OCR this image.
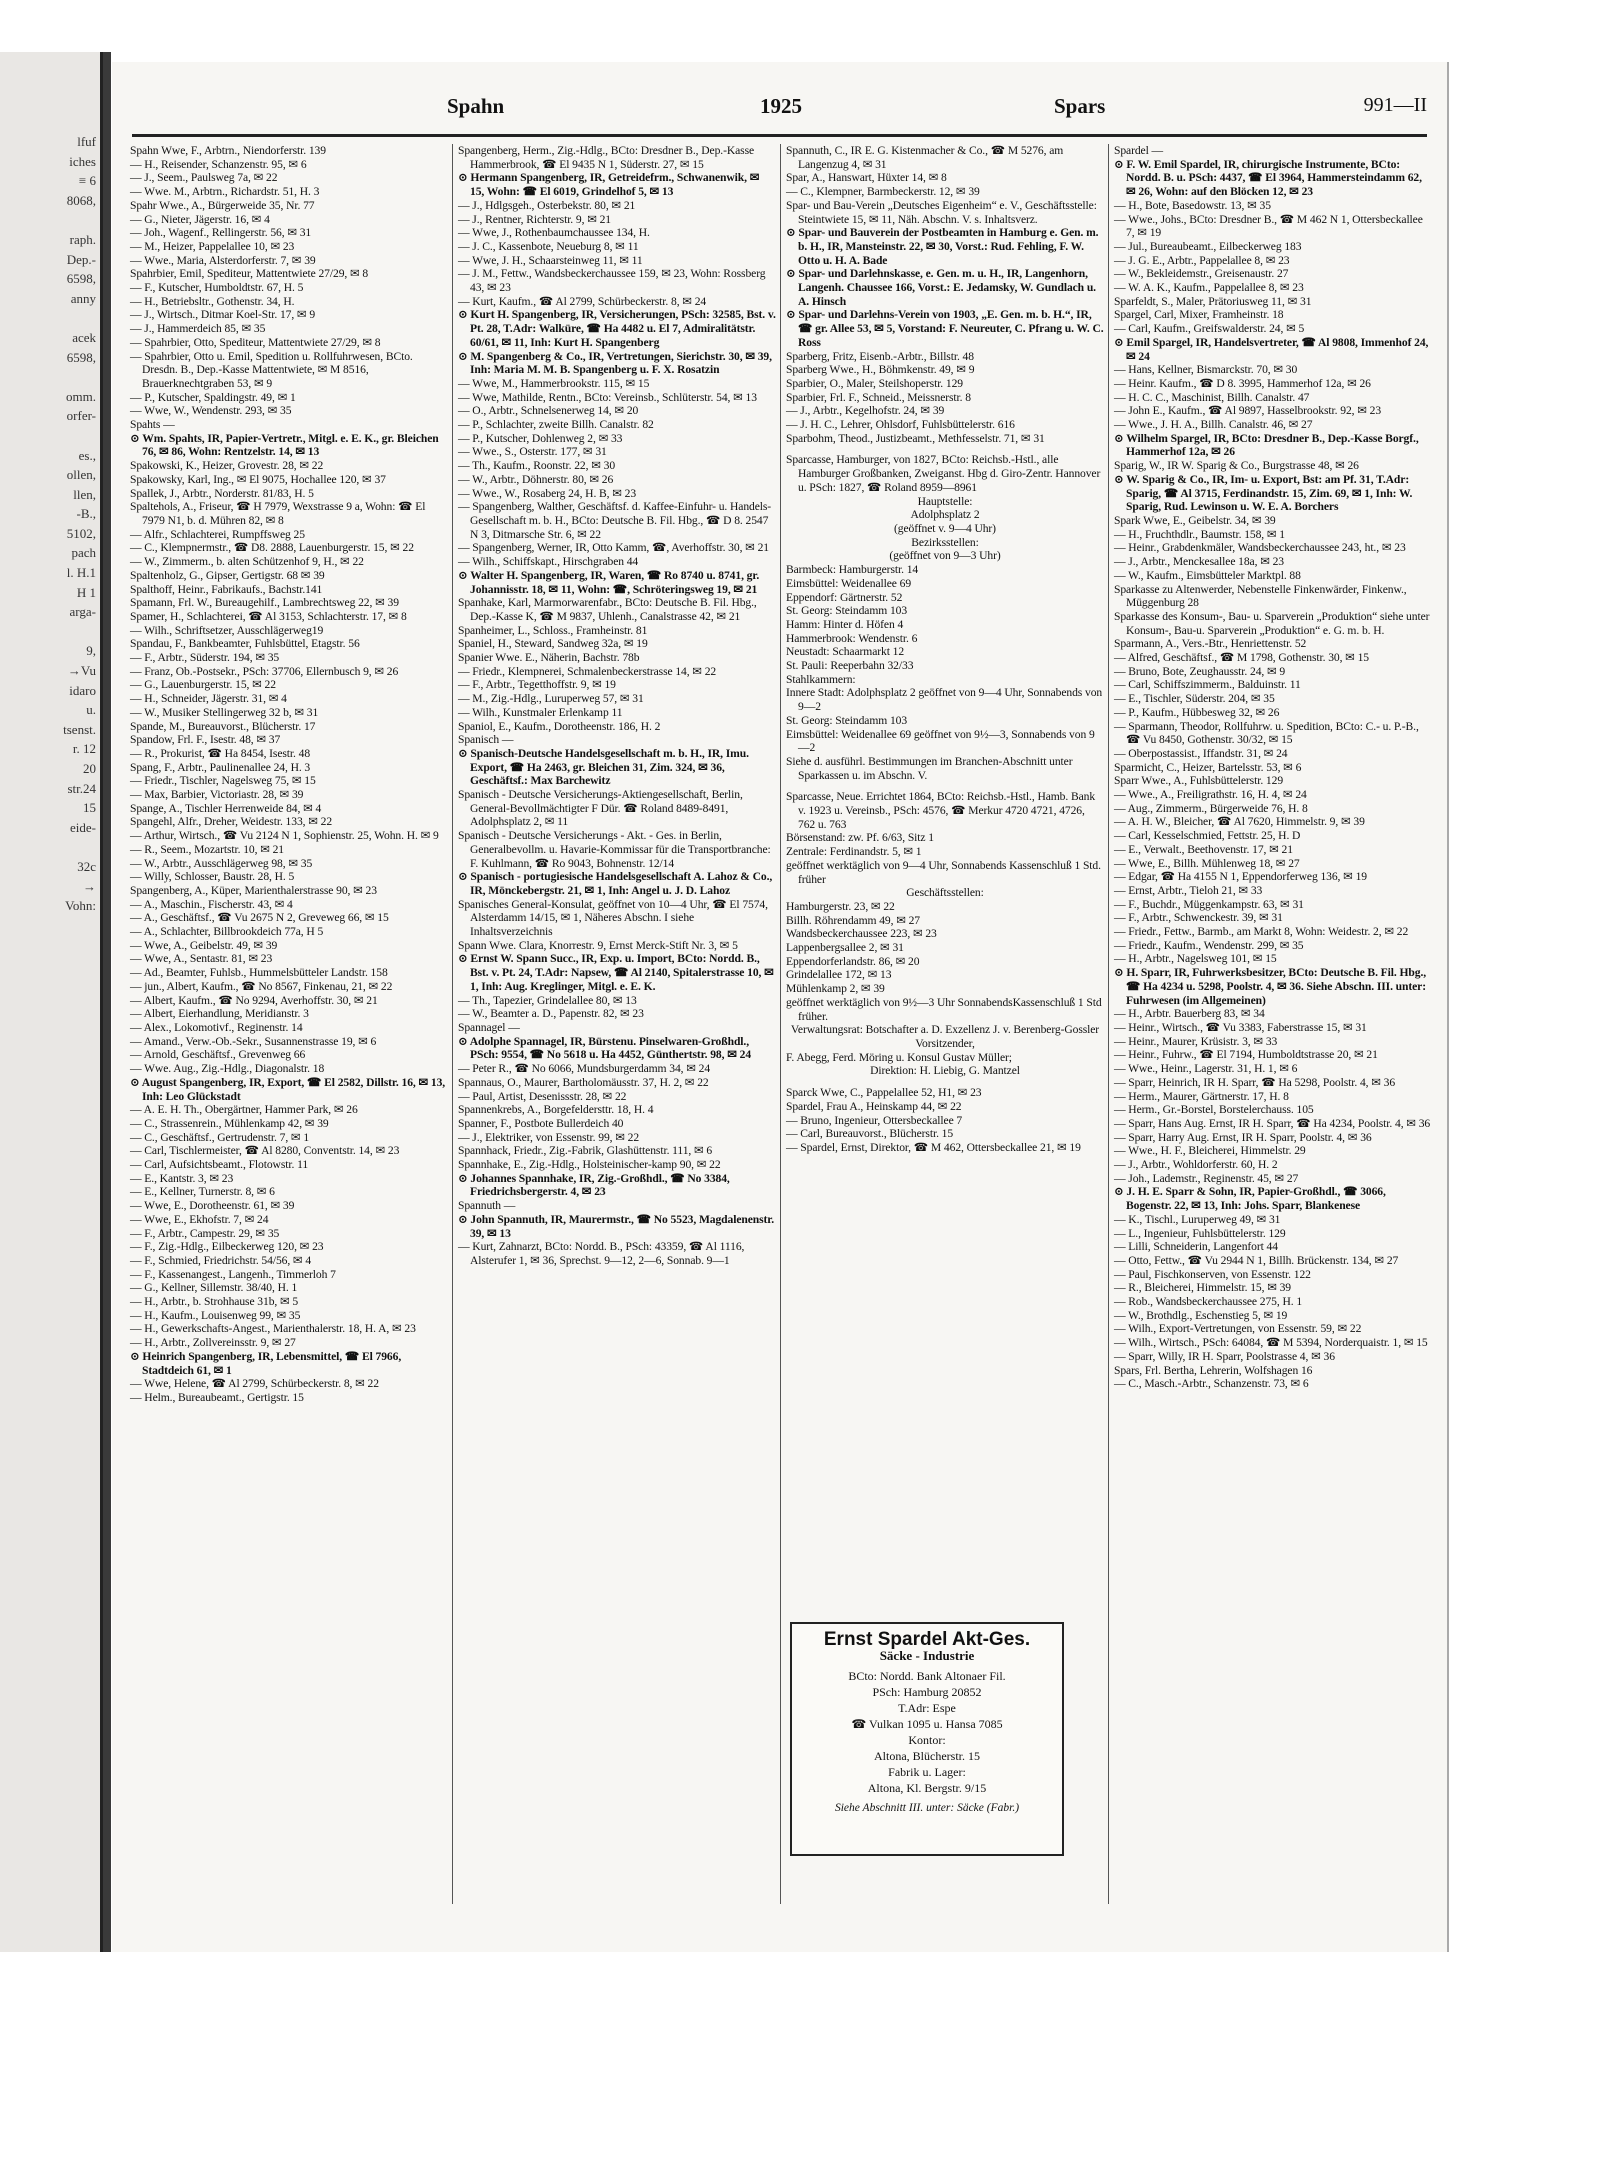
lfuf
iches
≡ 6
8068,
raph.
Dep.-
6598,
anny
acek
6598,
omm.
orfer-
es.,
ollen,
llen,
-B.,
5102,
pach
l. H.1
H 1
arga-
9,
→Vu
idaro
u.
tsenst.
r. 12
20
str.24
15
eide-
32c
→
Vohn:
Spahn	1925	Spars	991—II
Spahn Wwe, F., Arbtrn., Niendorferstr. 139
— H., Reisender, Schanzenstr. 95, ✉ 6
— J., Seem., Paulsweg 7a, ✉ 22
— Wwe. M., Arbtrn., Richardstr. 51, H. 3
Spahr Wwe., A., Bürgerweide 35, Nr. 77
— G., Nieter, Jägerstr. 16, ✉ 4
— Joh., Wagenf., Rellingerstr. 56, ✉ 31
— M., Heizer, Pappelallee 10, ✉ 23
— Wwe., Maria, Alsterdorferstr. 7, ✉ 39
Spahrbier, Emil, Spediteur, Mattentwiete 27/29, ✉ 8
— F., Kutscher, Humboldtstr. 67, H. 5
— H., Betriebsltr., Gothenstr. 34, H.
— J., Wirtsch., Ditmar Koel-Str. 17, ✉ 9
— J., Hammerdeich 85, ✉ 35
— Spahrbier, Otto, Spediteur, Mattentwiete 27/29, ✉ 8
— Spahrbier, Otto u. Emil, Spedition u. Rollfuhrwesen, BCto. Dresdn. B., Dep.-Kasse Mattentwiete, ✉ M 8516, Brauerknechtgraben 53, ✉ 9
— P., Kutscher, Spaldingstr. 49, ✉ 1
— Wwe, W., Wendenstr. 293, ✉ 35
Spahts —
⊙ Wm. Spahts, IR, Papier-Vertretr., Mitgl. e. E. K., gr. Bleichen 76, ✉ 86, Wohn: Rentzelstr. 14, ✉ 13
Spakowski, K., Heizer, Grovestr. 28, ✉ 22
Spakowsky, Karl, Ing., ✉ El 9075, Hochallee 120, ✉ 37
Spallek, J., Arbtr., Norderstr. 81/83, H. 5
Spaltehols, A., Friseur, ☎ H 7979, Wexstrasse 9 a, Wohn: ☎ El 7979 N1, b. d. Mühren 82, ✉ 8
— Alfr., Schlachterei, Rumpffsweg 25
— C., Klempnermstr., ☎ D8. 2888, Lauenburgerstr. 15, ✉ 22
— W., Zimmerm., b. alten Schützenhof 9, H., ✉ 22
Spaltenholz, G., Gipser, Gertigstr. 68 ✉ 39
Spalthoff, Heinr., Fabrikaufs., Bachstr.141
Spamann, Frl. W., Bureaugehilf., Lambrechtsweg 22, ✉ 39
Spamer, H., Schlachterei, ☎ Al 3153, Schlachterstr. 17, ✉ 8
— Wilh., Schriftsetzer, Ausschlägerweg19
Spandau, F., Bankbeamter, Fuhlsbüttel, Etagstr. 56
— F., Arbtr., Süderstr. 194, ✉ 35
— Franz, Ob.-Postsekr., PSch: 37706, Ellernbusch 9, ✉ 26
— G., Lauenburgerstr. 15, ✉ 22
— H., Schneider, Jägerstr. 31, ✉ 4
— W., Musiker Stellingerweg 32 b, ✉ 31
Spande, M., Bureauvorst., Blücherstr. 17
Spandow, Frl. F., Isestr. 48, ✉ 37
— R., Prokurist, ☎ Ha 8454, Isestr. 48
Spang, F., Arbtr., Paulinenallee 24, H. 3
— Friedr., Tischler, Nagelsweg 75, ✉ 15
— Max, Barbier, Victoriastr. 28, ✉ 39
Spange, A., Tischler Herrenweide 84, ✉ 4
Spangehl, Alfr., Dreher, Weidestr. 133, ✉ 22
— Arthur, Wirtsch., ☎ Vu 2124 N 1, Sophienstr. 25, Wohn. H. ✉ 9
— R., Seem., Mozartstr. 10, ✉ 21
— W., Arbtr., Ausschlägerweg 98, ✉ 35
— Willy, Schlosser, Baustr. 28, H. 5
Spangenberg, A., Küper, Marienthalerstrasse 90, ✉ 23
— A., Maschin., Fischerstr. 43, ✉ 4
— A., Geschäftsf., ☎ Vu 2675 N 2, Greveweg 66, ✉ 15
— A., Schlachter, Billbrookdeich 77a, H 5
— Wwe, A., Geibelstr. 49, ✉ 39
— Wwe, A., Sentastr. 81, ✉ 23
— Ad., Beamter, Fuhlsb., Hummelsbütteler Landstr. 158
— jun., Albert, Kaufm., ☎ No 8567, Finkenau, 21, ✉ 22
— Albert, Kaufm., ☎ No 9294, Averhoffstr. 30, ✉ 21
— Albert, Eierhandlung, Meridianstr. 3
— Alex., Lokomotivf., Reginenstr. 14
— Amand., Verw.-Ob.-Sekr., Susannenstrasse 19, ✉ 6
— Arnold, Geschäftsf., Grevenweg 66
— Wwe. Aug., Zig.-Hdlg., Diagonalstr. 18
⊙ August Spangenberg, IR, Export, ☎ El 2582, Dillstr. 16, ✉ 13, Inh: Leo Glückstadt
— A. E. H. Th., Obergärtner, Hammer Park, ✉ 26
— C., Strassenrein., Mühlenkamp 42, ✉ 39
— C., Geschäftsf., Gertrudenstr. 7, ✉ 1
— Carl, Tischlermeister, ☎ Al 8280, Conventstr. 14, ✉ 23
— Carl, Aufsichtsbeamt., Flotowstr. 11
— E., Kantstr. 3, ✉ 23
— E., Kellner, Turnerstr. 8, ✉ 6
— Wwe, E., Dorotheenstr. 61, ✉ 39
— Wwe, E., Ekhofstr. 7, ✉ 24
— F., Arbtr., Campestr. 29, ✉ 35
— F., Zig.-Hdlg., Eilbeckerweg 120, ✉ 23
— F., Schmied, Friedrichstr. 54/56, ✉ 4
— F., Kassenangest., Langenh., Timmerloh 7
— G., Kellner, Sillemstr. 38/40, H. 1
— H., Arbtr., b. Strohhause 31b, ✉ 5
— H., Kaufm., Louisenweg 99, ✉ 35
— H., Gewerkschafts-Angest., Marienthalerstr. 18, H. A, ✉ 23
— H., Arbtr., Zollvereinsstr. 9, ✉ 27
⊙ Heinrich Spangenberg, IR, Lebensmittel, ☎ El 7966, Stadtdeich 61, ✉ 1
— Wwe, Helene, ☎ Al 2799, Schürbeckerstr. 8, ✉ 22
— Helm., Bureaubeamt., Gertigstr. 15
Spangenberg, Herm., Zig.-Hdlg., BCto: Dresdner B., Dep.-Kasse Hammerbrook, ☎ El 9435 N 1, Süderstr. 27, ✉ 15
⊙ Hermann Spangenberg, IR, Getreidefrm., Schwanenwik, ✉ 15, Wohn: ☎ El 6019, Grindelhof 5, ✉ 13
— J., Hdlgsgeh., Osterbekstr. 80, ✉ 21
— J., Rentner, Richterstr. 9, ✉ 21
— Wwe, J., Rothenbaumchaussee 134, H.
— J. C., Kassenbote, Neueburg 8, ✉ 11
— Wwe, J. H., Schaarsteinweg 11, ✉ 11
— J. M., Fettw., Wandsbeckerchaussee 159, ✉ 23, Wohn: Rossberg 43, ✉ 23
— Kurt, Kaufm., ☎ Al 2799, Schürbeckerstr. 8, ✉ 24
⊙ Kurt H. Spangenberg, IR, Versicherungen, PSch: 32585, Bst. v. Pt. 28, T.Adr: Walküre, ☎ Ha 4482 u. El 7, Admiralitätstr. 60/61, ✉ 11, Inh: Kurt H. Spangenberg
⊙ M. Spangenberg & Co., IR, Vertretungen, Sierichstr. 30, ✉ 39, Inh: Maria M. M. B. Spangenberg u. F. X. Rosatzin
— Wwe, M., Hammerbrookstr. 115, ✉ 15
— Wwe, Mathilde, Rentn., BCto: Vereinsb., Schlüterstr. 54, ✉ 13
— O., Arbtr., Schnelsenerweg 14, ✉ 20
— P., Schlachter, zweite Billh. Canalstr. 82
— P., Kutscher, Dohlenweg 2, ✉ 33
— Wwe., S., Osterstr. 177, ✉ 31
— Th., Kaufm., Roonstr. 22, ✉ 30
— W., Arbtr., Döhnerstr. 80, ✉ 26
— Wwe., W., Rosaberg 24, H. B, ✉ 23
— Spangenberg, Walther, Geschäftsf. d. Kaffee-Einfuhr- u. Handels-Gesellschaft m. b. H., BCto: Deutsche B. Fil. Hbg., ☎ D 8. 2547 N 3, Ditmarsche Str. 6, ✉ 22
— Spangenberg, Werner, IR, Otto Kamm, ☎, Averhoffstr. 30, ✉ 21
— Wilh., Schiffskapt., Hirschgraben 44
⊙ Walter H. Spangenberg, IR, Waren, ☎ Ro 8740 u. 8741, gr. Johannisstr. 18, ✉ 11, Wohn: ☎, Schröteringsweg 19, ✉ 21
Spanhake, Karl, Marmorwarenfabr., BCto: Deutsche B. Fil. Hbg., Dep.-Kasse K, ☎ M 9837, Uhlenh., Canalstrasse 42, ✉ 21
Spanheimer, L., Schloss., Framheinstr. 81
Spaniel, H., Steward, Sandweg 32a, ✉ 19
Spanier Wwe. E., Näherin, Bachstr. 78b
— Friedr., Klempnerei, Schmalenbeckerstrasse 14, ✉ 22
— F., Arbtr., Tegetthoffstr. 9, ✉ 19
— M., Zig.-Hdlg., Luruperweg 57, ✉ 31
— Wilh., Kunstmaler Erlenkamp 11
Spaniol, E., Kaufm., Dorotheenstr. 186, H. 2
Spanisch —
⊙ Spanisch-Deutsche Handelsgesellschaft m. b. H., IR, Imu. Export, ☎ Ha 2463, gr. Bleichen 31, Zim. 324, ✉ 36, Geschäftsf.: Max Barchewitz
Spanisch - Deutsche Versicherungs-Aktiengesellschaft, Berlin, General-Bevollmächtigter F Dür. ☎ Roland 8489-8491, Adolphsplatz 2, ✉ 11
Spanisch - Deutsche Versicherungs - Akt. - Ges. in Berlin, Generalbevollm. u. Havarie-Kommissar für die Transportbranche: F. Kuhlmann, ☎ Ro 9043, Bohnenstr. 12/14
⊙ Spanisch - portugiesische Handelsgesellschaft A. Lahoz & Co., IR, Mönckebergstr. 21, ✉ 1, Inh: Angel u. J. D. Lahoz
Spanisches General-Konsulat, geöffnet von 10—4 Uhr, ☎ El 7574, Alsterdamm 14/15, ✉ 1, Näheres Abschn. I siehe Inhaltsverzeichnis
Spann Wwe. Clara, Knorrestr. 9, Ernst Merck-Stift Nr. 3, ✉ 5
⊙ Ernst W. Spann Succ., IR, Exp. u. Import, BCto: Nordd. B., Bst. v. Pt. 24, T.Adr: Napsew, ☎ Al 2140, Spitalerstrasse 10, ✉ 1, Inh: Aug. Kreglinger, Mitgl. e. E. K.
— Th., Tapezier, Grindelallee 80, ✉ 13
— W., Beamter a. D., Papenstr. 82, ✉ 23
Spannagel —
⊙ Adolphe Spannagel, IR, Bürstenu. Pinselwaren-Großhdl., PSch: 9554, ☎ No 5618 u. Ha 4452, Günthertstr. 98, ✉ 24
— Peter R., ☎ No 6066, Mundsburgerdamm 34, ✉ 24
Spannaus, O., Maurer, Bartholomäusstr. 37, H. 2, ✉ 22
— Paul, Artist, Desenissstr. 28, ✉ 22
Spannenkrebs, A., Borgefeldersttr. 18, H. 4
Spanner, F., Postbote Bullerdeich 40
— J., Elektriker, von Essenstr. 99, ✉ 22
Spannhack, Friedr., Zig.-Fabrik, Glashüttenstr. 111, ✉ 6
Spannhake, E., Zig.-Hdlg., Holsteinischer-kamp 90, ✉ 22
⊙ Johannes Spannhake, IR, Zig.-Großhdl., ☎ No 3384, Friedrichsbergerstr. 4, ✉ 23
Spannuth —
⊙ John Spannuth, IR, Maurermstr., ☎ No 5523, Magdalenenstr. 39, ✉ 13
— Kurt, Zahnarzt, BCto: Nordd. B., PSch: 43359, ☎ Al 1116, Alsterufer 1, ✉ 36, Sprechst. 9—12, 2—6, Sonnab. 9—1
Spannuth, C., IR E. G. Kistenmacher & Co., ☎ M 5276, am Langenzug 4, ✉ 31
Spar, A., Hanswart, Hüxter 14, ✉ 8
— C., Klempner, Barmbeckerstr. 12, ✉ 39
Spar- und Bau-Verein „Deutsches Eigenheim“ e. V., Geschäftsstelle: Steintwiete 15, ✉ 11, Näh. Abschn. V. s. Inhaltsverz.
⊙ Spar- und Bauverein der Postbeamten in Hamburg e. Gen. m. b. H., IR, Mansteinstr. 22, ✉ 30, Vorst.: Rud. Fehling, F. W. Otto u. H. A. Bade
⊙ Spar- und Darlehnskasse, e. Gen. m. u. H., IR, Langenhorn, Langenh. Chaussee 166, Vorst.: E. Jedamsky, W. Gundlach u. A. Hinsch
⊙ Spar- und Darlehns-Verein von 1903, „E. Gen. m. b. H.“, IR, ☎ gr. Allee 53, ✉ 5, Vorstand: F. Neureuter, C. Pfrang u. W. C. Ross
Sparberg, Fritz, Eisenb.-Arbtr., Billstr. 48
Sparberg Wwe., H., Böhmkenstr. 49, ✉ 9
Sparbier, O., Maler, Steilshoperstr. 129
Sparbier, Frl. F., Schneid., Meissnerstr. 8
— J., Arbtr., Kegelhofstr. 24, ✉ 39
— J. H. C., Lehrer, Ohlsdorf, Fuhlsbüttelerstr. 616
Sparbohm, Theod., Justizbeamt., Methfesselstr. 71, ✉ 31
Sparcasse, Hamburger, von 1827, BCto: Reichsb.-Hstl., alle Hamburger Großbanken, Zweiganst. Hbg d. Giro-Zentr. Hannover u. PSch: 1827, ☎ Roland 8959—8961
Hauptstelle:
Adolphsplatz 2
(geöffnet v. 9—4 Uhr)
Bezirksstellen:
(geöffnet von 9—3 Uhr)
Barmbeck: Hamburgerstr. 14
Eimsbüttel: Weidenallee 69
Eppendorf: Gärtnerstr. 52
St. Georg: Steindamm 103
Hamm: Hinter d. Höfen 4
Hammerbrook: Wendenstr. 6
Neustadt: Schaarmarkt 12
St. Pauli: Reeperbahn 32/33
Stahlkammern:
Innere Stadt: Adolphsplatz 2 geöffnet von 9—4 Uhr, Sonnabends von 9—2
St. Georg: Steindamm 103
Eimsbüttel: Weidenallee 69 geöffnet von 9½—3, Sonnabends von 9—2
Siehe d. ausführl. Bestimmungen im Branchen-Abschnitt unter Sparkassen u. im Abschn. V.
Sparcasse, Neue. Errichtet 1864, BCto: Reichsb.-Hstl., Hamb. Bank v. 1923 u. Vereinsb., PSch: 4576, ☎ Merkur 4720 4721, 4726, 762 u. 763
Börsenstand: zw. Pf. 6/63, Sitz 1
Zentrale: Ferdinandstr. 5, ✉ 1
geöffnet werktäglich von 9—4 Uhr, Sonnabends Kassenschluß 1 Std. früher
Geschäftsstellen:
Hamburgerstr. 23, ✉ 22
Billh. Röhrendamm 49, ✉ 27
Wandsbeckerchaussee 223, ✉ 23
Lappenbergsallee 2, ✉ 31
Eppendorferlandstr. 86, ✉ 20
Grindelallee 172, ✉ 13
Mühlenkamp 2, ✉ 39
geöffnet werktäglich von 9½—3 Uhr SonnabendsKassenschluß 1 Std früher.
Verwaltungsrat: Botschafter a. D. Exzellenz J. v. Berenberg-Gossler Vorsitzender,
F. Abegg, Ferd. Möring u. Konsul Gustav Müller;
Direktion: H. Liebig, G. Mantzel
Sparck Wwe, C., Pappelallee 52, H1, ✉ 23
Spardel, Frau A., Heinskamp 44, ✉ 22
— Bruno, Ingenieur, Ottersbeckallee 7
— Carl, Bureauvorst., Blücherstr. 15
— Spardel, Ernst, Direktor, ☎ M 462, Ottersbeckallee 21, ✉ 19
Spardel —
⊙ F. W. Emil Spardel, IR, chirurgische Instrumente, BCto: Nordd. B. u. PSch: 4437, ☎ El 3964, Hammersteindamm 62, ✉ 26, Wohn: auf den Blöcken 12, ✉ 23
— H., Bote, Basedowstr. 13, ✉ 35
— Wwe., Johs., BCto: Dresdner B., ☎ M 462 N 1, Ottersbeckallee 7, ✉ 19
— Jul., Bureaubeamt., Eilbeckerweg 183
— J. G. E., Arbtr., Pappelallee 8, ✉ 23
— W., Bekleidemstr., Greisenaustr. 27
— W. A. K., Kaufm., Pappelallee 8, ✉ 23
Sparfeldt, S., Maler, Prätoriusweg 11, ✉ 31
Spargel, Carl, Mixer, Framheinstr. 18
— Carl, Kaufm., Greifswalderstr. 24, ✉ 5
⊙ Emil Spargel, IR, Handelsvertreter, ☎ Al 9808, Immenhof 24, ✉ 24
— Hans, Kellner, Bismarckstr. 70, ✉ 30
— Heinr. Kaufm., ☎ D 8. 3995, Hammerhof 12a, ✉ 26
— H. C. C., Maschinist, Billh. Canalstr. 47
— John E., Kaufm., ☎ Al 9897, Hasselbrookstr. 92, ✉ 23
— Wwe., J. H. A., Billh. Canalstr. 46, ✉ 27
⊙ Wilhelm Spargel, IR, BCto: Dresdner B., Dep.-Kasse Borgf., Hammerhof 12a, ✉ 26
Sparig, W., IR W. Sparig & Co., Burgstrasse 48, ✉ 26
⊙ W. Sparig & Co., IR, Im- u. Export, Bst: am Pf. 31, T.Adr: Sparig, ☎ Al 3715, Ferdinandstr. 15, Zim. 69, ✉ 1, Inh: W. Sparig, Rud. Lewinson u. W. E. A. Borchers
Spark Wwe, E., Geibelstr. 34, ✉ 39
— H., Fruchthdlr., Baumstr. 158, ✉ 1
— Heinr., Grabdenkmäler, Wandsbeckerchaussee 243, ht., ✉ 23
— J., Arbtr., Menckesallee 18a, ✉ 23
— W., Kaufm., Eimsbütteler Marktpl. 88
Sparkasse zu Altenwerder, Nebenstelle Finkenwärder, Finkenw., Müggenburg 28
Sparkasse des Konsum-, Bau- u. Sparverein „Produktion“ siehe unter Konsum-, Bau-u. Sparverein „Produktion“ e. G. m. b. H.
Sparmann, A., Vers.-Btr., Henriettenstr. 52
— Alfred, Geschäftsf., ☎ M 1798, Gothenstr. 30, ✉ 15
— Bruno, Bote, Zeughausstr. 24, ✉ 9
— Carl, Schiffszimmerm., Balduinstr. 11
— E., Tischler, Süderstr. 204, ✉ 35
— P., Kaufm., Hübbesweg 32, ✉ 26
— Sparmann, Theodor, Rollfuhrw. u. Spedition, BCto: C.- u. P.-B., ☎ Vu 8450, Gothenstr. 30/32, ✉ 15
— Oberpostassist., Iffandstr. 31, ✉ 24
Sparmicht, C., Heizer, Bartelsstr. 53, ✉ 6
Sparr Wwe., A., Fuhlsbüttelerstr. 129
— Wwe., A., Freiligrathstr. 16, H. 4, ✉ 24
— Aug., Zimmerm., Bürgerweide 76, H. 8
— A. H. W., Bleicher, ☎ Al 7620, Himmelstr. 9, ✉ 39
— Carl, Kesselschmied, Fettstr. 25, H. D
— E., Verwalt., Beethovenstr. 17, ✉ 21
— Wwe, E., Billh. Mühlenweg 18, ✉ 27
— Edgar, ☎ Ha 4155 N 1, Eppendorferweg 136, ✉ 19
— Ernst, Arbtr., Tieloh 21, ✉ 33
— F., Buchdr., Müggenkampstr. 63, ✉ 31
— F., Arbtr., Schwenckestr. 39, ✉ 31
— Friedr., Fettw., Barmb., am Markt 8, Wohn: Weidestr. 2, ✉ 22
— Friedr., Kaufm., Wendenstr. 299, ✉ 35
— H., Arbtr., Nagelsweg 101, ✉ 15
⊙ H. Sparr, IR, Fuhrwerksbesitzer, BCto: Deutsche B. Fil. Hbg., ☎ Ha 4234 u. 5298, Poolstr. 4, ✉ 36. Siehe Abschn. III. unter: Fuhrwesen (im Allgemeinen)
— H., Arbtr. Bauerberg 83, ✉ 34
— Heinr., Wirtsch., ☎ Vu 3383, Faberstrasse 15, ✉ 31
— Heinr., Maurer, Krüsistr. 3, ✉ 33
— Heinr., Fuhrw., ☎ El 7194, Humboldtstrasse 20, ✉ 21
— Wwe., Heinr., Lagerstr. 31, H. 1, ✉ 6
— Sparr, Heinrich, IR H. Sparr, ☎ Ha 5298, Poolstr. 4, ✉ 36
— Herm., Maurer, Gärtnerstr. 17, H. 8
— Herm., Gr.-Borstel, Borstelerchauss. 105
— Sparr, Hans Aug. Ernst, IR H. Sparr, ☎ Ha 4234, Poolstr. 4, ✉ 36
— Sparr, Harry Aug. Ernst, IR H. Sparr, Poolstr. 4, ✉ 36
— Wwe., H. F., Bleicherei, Himmelstr. 29
— J., Arbtr., Wohldorferstr. 60, H. 2
— Joh., Lademstr., Reginenstr. 45, ✉ 27
⊙ J. H. E. Sparr & Sohn, IR, Papier-Großhdl., ☎ 3066, Bogenstr. 22, ✉ 13, Inh: Johs. Sparr, Blankenese
— K., Tischl., Luruperweg 49, ✉ 31
— L., Ingenieur, Fuhlsbüttelerstr. 129
— Lilli, Schneiderin, Langenfort 44
— Otto, Fettw., ☎ Vu 2944 N 1, Billh. Brückenstr. 134, ✉ 27
— Paul, Fischkonserven, von Essenstr. 122
— R., Bleicherei, Himmelstr. 15, ✉ 39
— Rob., Wandsbeckerchaussee 275, H. 1
— W., Brothdlg., Eschenstieg 5, ✉ 19
— Wilh., Export-Vertretungen, von Essenstr. 59, ✉ 22
— Wilh., Wirtsch., PSch: 64084, ☎ M 5394, Norderquaistr. 1, ✉ 15
— Sparr, Willy, IR H. Sparr, Poolstrasse 4, ✉ 36
Spars, Frl. Bertha, Lehrerin, Wolfshagen 16
— C., Masch.-Arbtr., Schanzenstr. 73, ✉ 6
Ernst Spardel Akt-Ges.
Säcke - Industrie
BCto: Nordd. Bank Altonaer Fil.
PSch: Hamburg 20852
T.Adr: Espe
☎ Vulkan 1095 u. Hansa 7085
Kontor:
Altona, Blücherstr. 15
Fabrik u. Lager:
Altona, Kl. Bergstr. 9/15
Siehe Abschnitt III. unter: Säcke (Fabr.)
